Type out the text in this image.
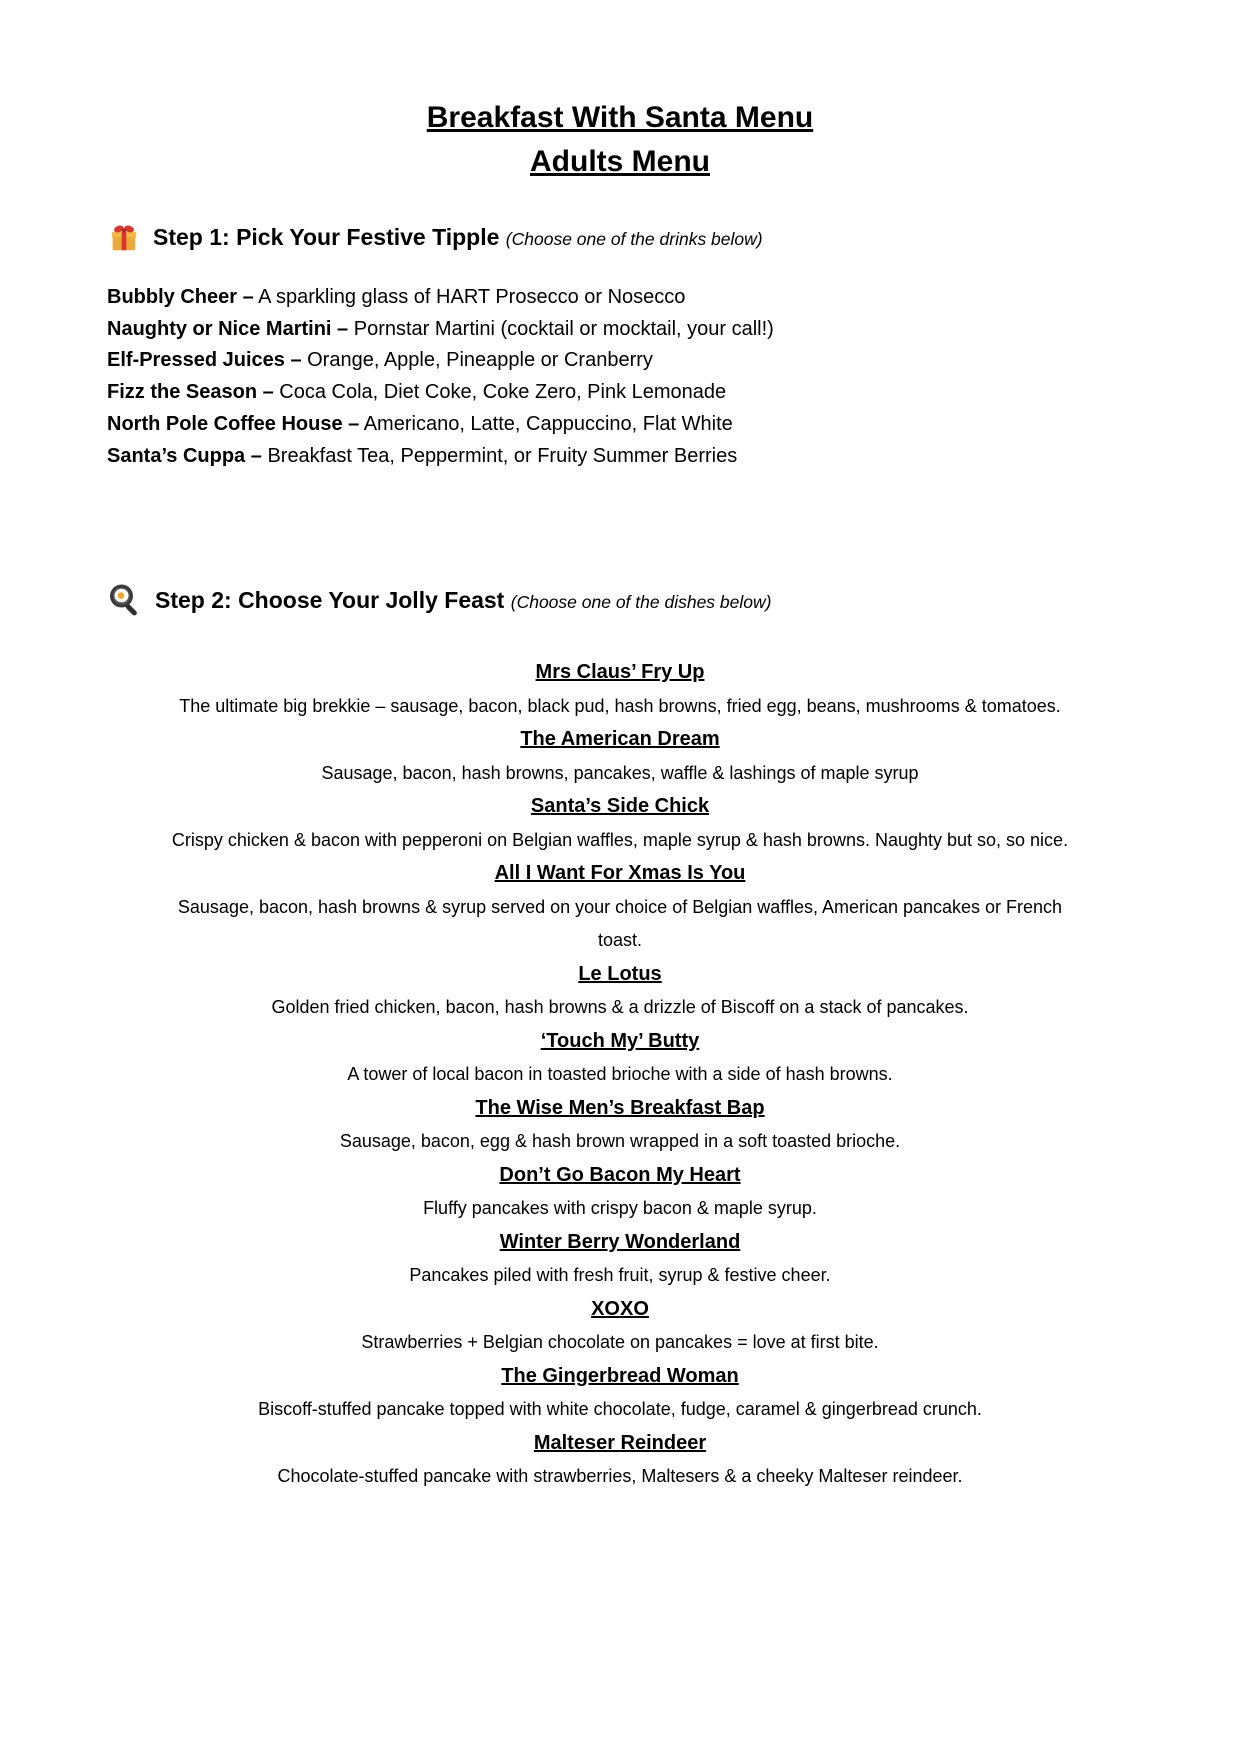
Breakfast With Santa Menu
Adults Menu
Step 1: Pick Your Festive Tipple (Choose one of the drinks below)
Bubbly Cheer – A sparkling glass of HART Prosecco or Nosecco
Naughty or Nice Martini – Pornstar Martini (cocktail or mocktail, your call!)
Elf-Pressed Juices – Orange, Apple, Pineapple or Cranberry
Fizz the Season – Coca Cola, Diet Coke, Coke Zero, Pink Lemonade
North Pole Coffee House – Americano, Latte, Cappuccino, Flat White
Santa’s Cuppa – Breakfast Tea, Peppermint, or Fruity Summer Berries
Step 2: Choose Your Jolly Feast (Choose one of the dishes below)
Mrs Claus’ Fry Up
The ultimate big brekkie – sausage, bacon, black pud, hash browns, fried egg, beans, mushrooms & tomatoes.
The American Dream
Sausage, bacon, hash browns, pancakes, waffle & lashings of maple syrup
Santa’s Side Chick
Crispy chicken & bacon with pepperoni on Belgian waffles, maple syrup & hash browns. Naughty but so, so nice.
All I Want For Xmas Is You
Sausage, bacon, hash browns & syrup served on your choice of Belgian waffles, American pancakes or French toast.
Le Lotus
Golden fried chicken, bacon, hash browns & a drizzle of Biscoff on a stack of pancakes.
‘Touch My’ Butty
A tower of local bacon in toasted brioche with a side of hash browns.
The Wise Men’s Breakfast Bap
Sausage, bacon, egg & hash brown wrapped in a soft toasted brioche.
Don’t Go Bacon My Heart
Fluffy pancakes with crispy bacon & maple syrup.
Winter Berry Wonderland
Pancakes piled with fresh fruit, syrup & festive cheer.
XOXO
Strawberries + Belgian chocolate on pancakes = love at first bite.
The Gingerbread Woman
Biscoff-stuffed pancake topped with white chocolate, fudge, caramel & gingerbread crunch.
Malteser Reindeer
Chocolate-stuffed pancake with strawberries, Maltesers & a cheeky Malteser reindeer.
